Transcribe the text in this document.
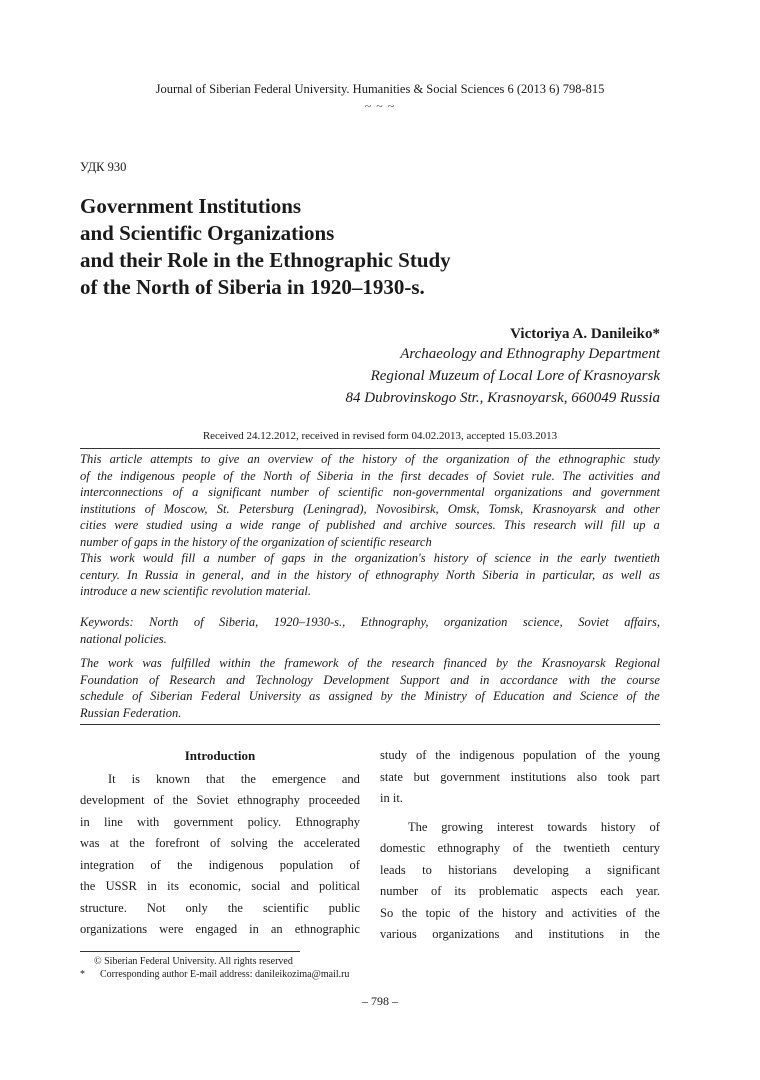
Journal of Siberian Federal University. Humanities & Social Sciences 6 (2013 6) 798-815
~ ~ ~
УДК 930
Government Institutions
and Scientific Organizations
and their Role in the Ethnographic Study
of the North of Siberia in 1920–1930-s.
Victoriya A. Danileiko*
Archaeology and Ethnography Department
Regional Muzeum of Local Lore of Krasnoyarsk
84 Dubrovinskogo Str., Krasnoyarsk, 660049 Russia
Received 24.12.2012, received in revised form 04.02.2013, accepted 15.03.2013
This article attempts to give an overview of the history of the organization of the ethnographic study
of the indigenous people of the North of Siberia in the first decades of Soviet rule. The activities and
interconnections of a significant number of scientific non-governmental organizations and government
institutions of Moscow, St. Petersburg (Leningrad), Novosibirsk, Omsk, Tomsk, Krasnoyarsk and other
cities were studied using a wide range of published and archive sources. This research will fill up a
number of gaps in the history of the organization of scientific research
This work would fill a number of gaps in the organization's history of science in the early twentieth
century. In Russia in general, and in the history of ethnography North Siberia in particular, as well as
introduce a new scientific revolution material.
Keywords: North of Siberia, 1920–1930-s., Ethnography, organization science, Soviet affairs,
national policies.
The work was fulfilled within the framework of the research financed by the Krasnoyarsk Regional
Foundation of Research and Technology Development Support and in accordance with the course
schedule of Siberian Federal University as assigned by the Ministry of Education and Science of the
Russian Federation.
Introduction
It is known that the emergence and
development of the Soviet ethnography proceeded
in line with government policy. Ethnography
was at the forefront of solving the accelerated
integration of the indigenous population of
the USSR in its economic, social and political
structure. Not only the scientific public
organizations were engaged in an ethnographic
study of the indigenous population of the young
state but government institutions also took part
in it.
The growing interest towards history of
domestic ethnography of the twentieth century
leads to historians developing a significant
number of its problematic aspects each year.
So the topic of the history and activities of the
various organizations and institutions in the
© Siberian Federal University. All rights reserved
* Corresponding author E-mail address: danileikozima@mail.ru
– 798 –
